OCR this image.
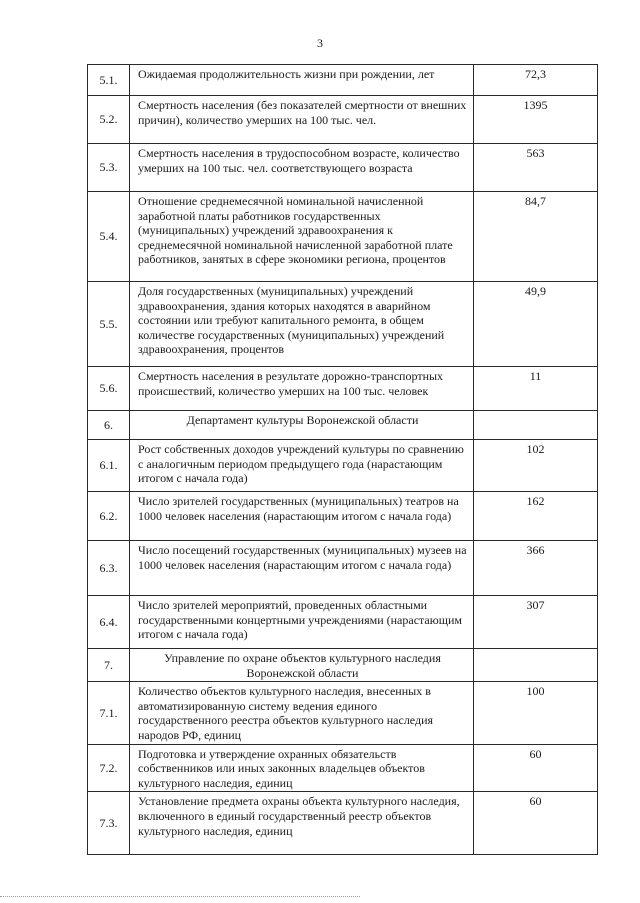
3
5.1.	Ожидаемая продолжительность жизни при рождении, лет	72,3
5.2.	Смертность населения (без показателей смертности от внешних причин), количество умерших на 100 тыс. чел.	1395
5.3.	Смертность населения в трудоспособном возрасте, количество умерших на 100 тыс. чел. соответствующего возраста	563
5.4.	Отношение среднемесячной номинальной начисленной заработной платы работников государственных (муниципальных) учреждений здравоохранения к среднемесячной номинальной начисленной заработной плате работников, занятых в сфере экономики региона, процентов	84,7
5.5.	Доля государственных (муниципальных) учреждений здравоохранения, здания которых находятся в аварийном состоянии или требуют капитального ремонта, в общем количестве государственных (муниципальных) учреждений здравоохранения, процентов	49,9
5.6.	Смертность населения в результате дорожно-транспортных происшествий, количество умерших на 100 тыс. человек	11
6.	Департамент культуры Воронежской области	
6.1.	Рост собственных доходов учреждений культуры по сравнению с аналогичным периодом предыдущего года (нарастающим итогом с начала года)	102
6.2.	Число зрителей государственных (муниципальных) театров на 1000 человек населения (нарастающим итогом с начала года)	162
6.3.	Число посещений государственных (муниципальных) музеев на 1000 человек населения (нарастающим итогом с начала года)	366
6.4.	Число зрителей мероприятий, проведенных областными государственными концертными учреждениями (нарастающим итогом с начала года)	307
7.	Управление по охране объектов культурного наследия Воронежской области	
7.1.	Количество объектов культурного наследия, внесенных в автоматизированную систему ведения единого государственного реестра объектов культурного наследия народов РФ, единиц	100
7.2.	Подготовка и утверждение охранных обязательств собственников или иных законных владельцев объектов культурного наследия, единиц	60
7.3.	Установление предмета охраны объекта культурного наследия, включенного в единый государственный реестр объектов культурного наследия, единиц	60
